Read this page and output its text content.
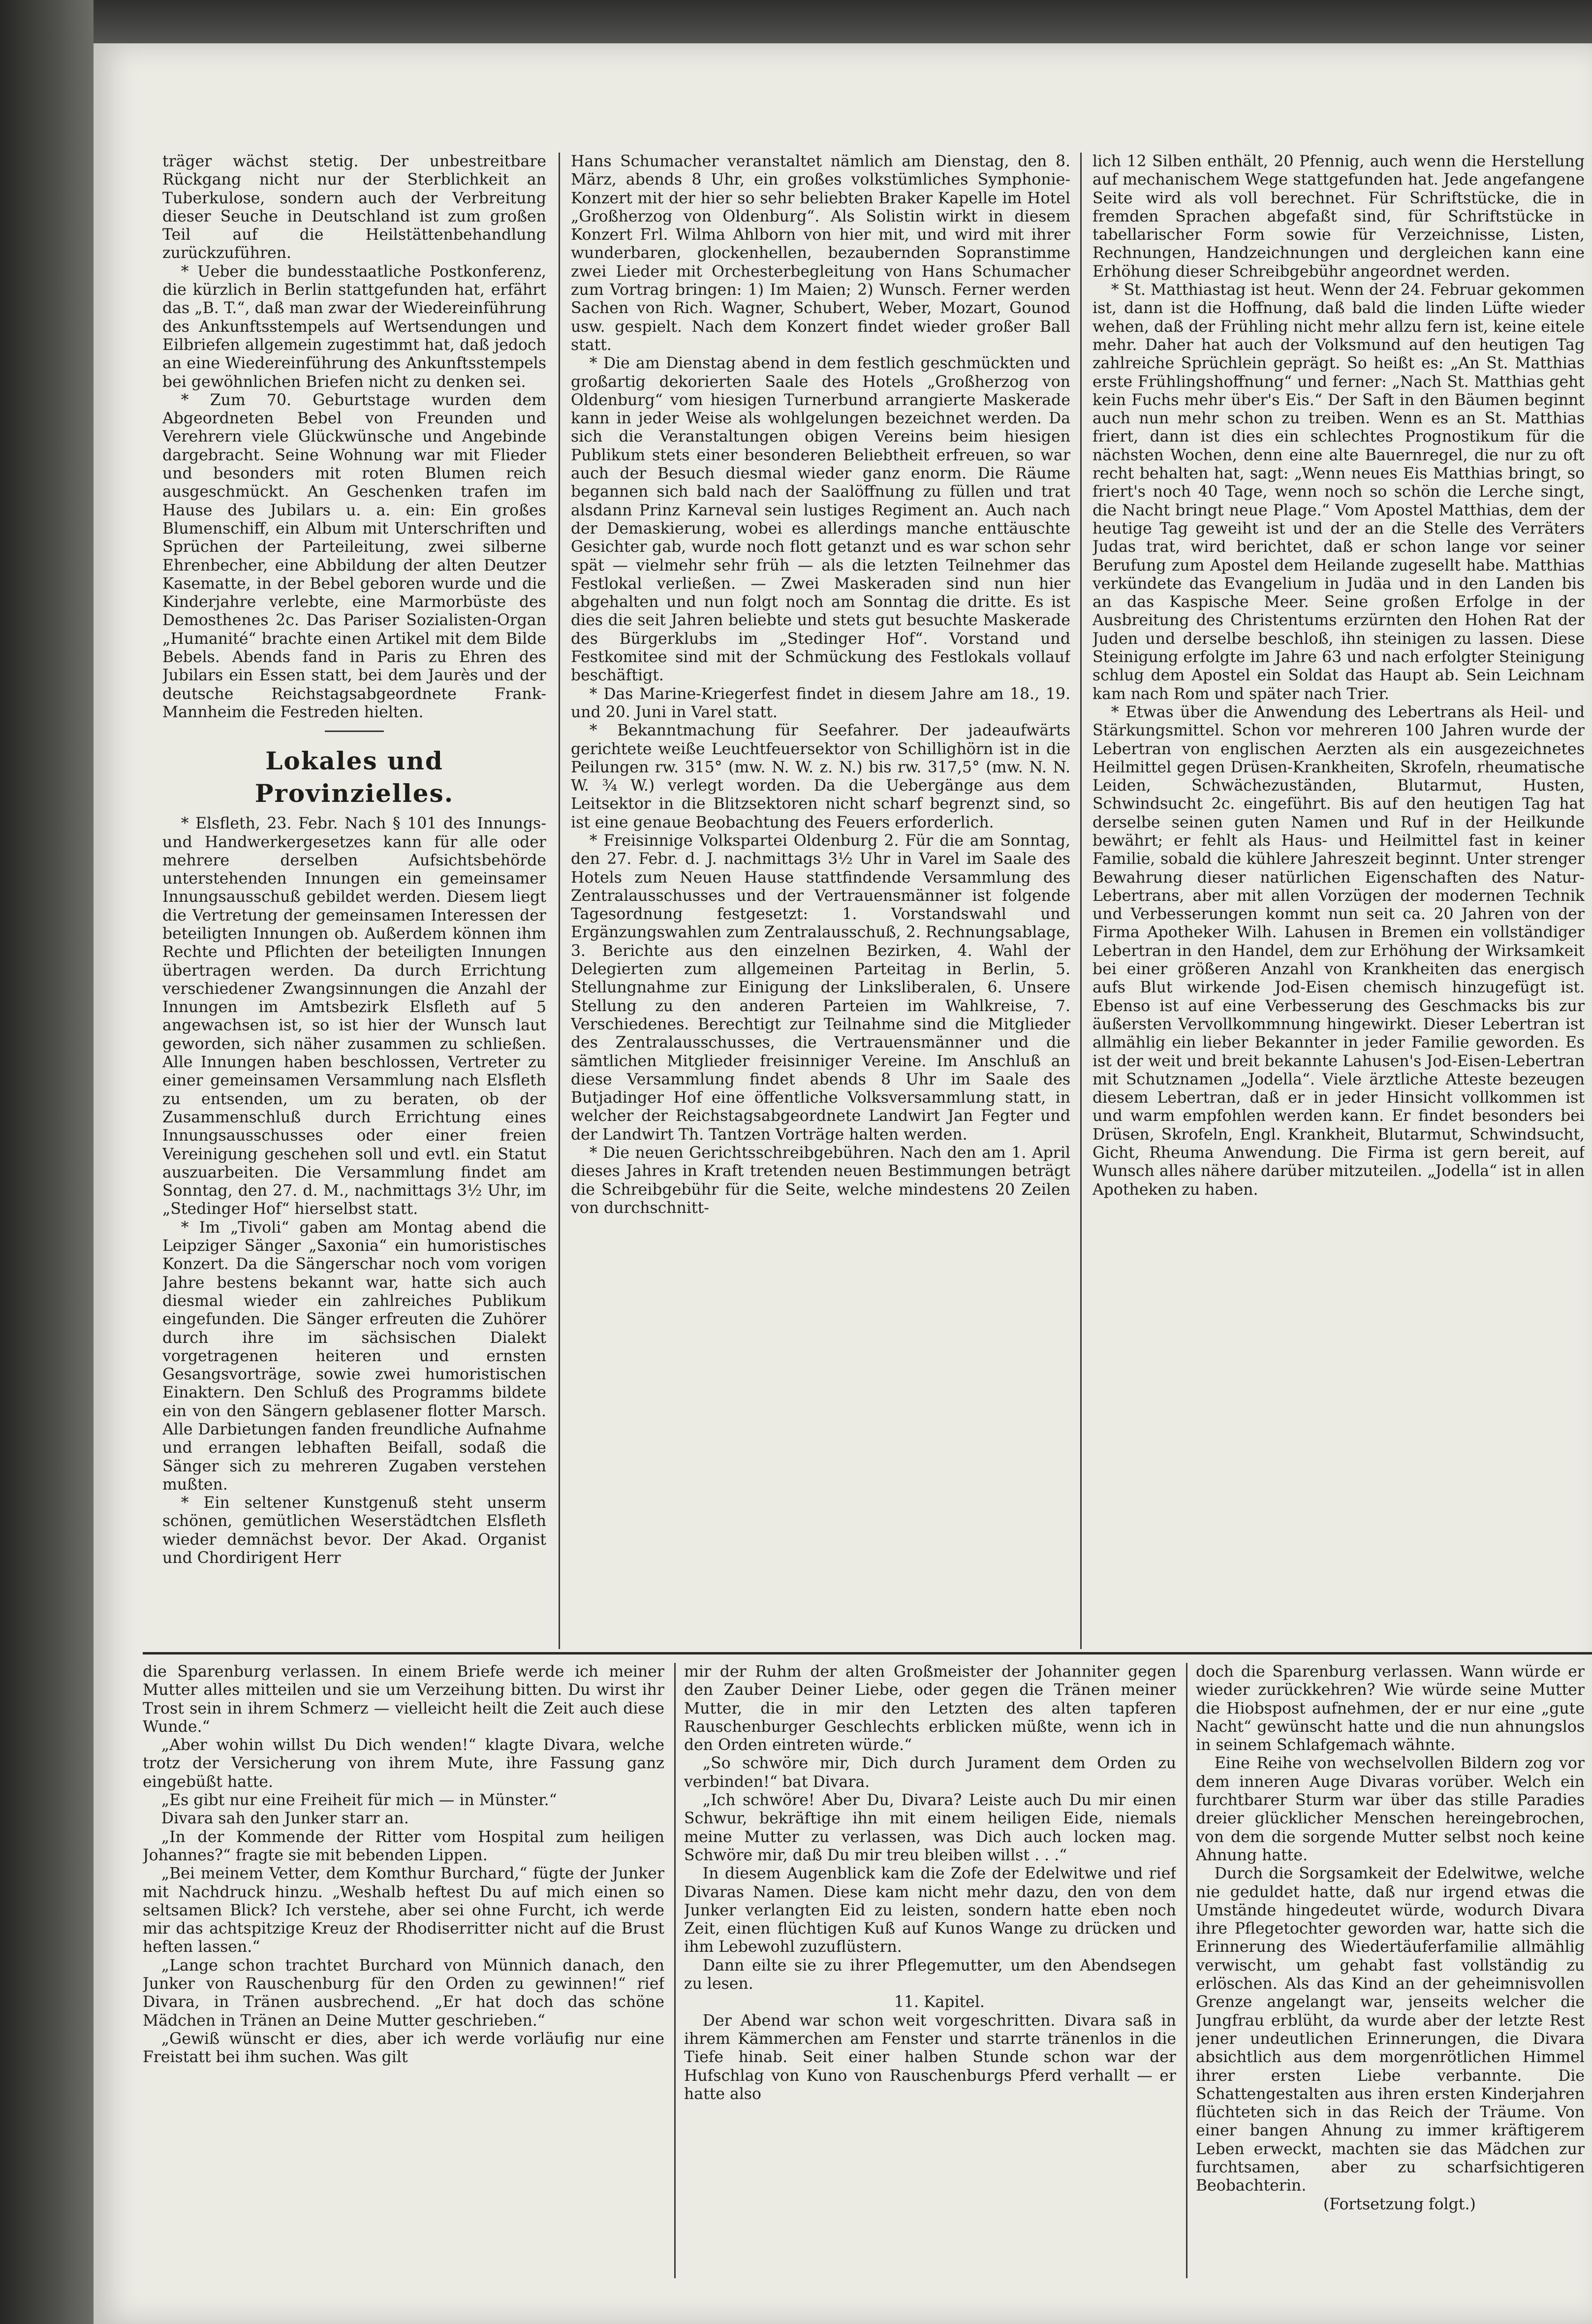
träger wächst stetig. Der unbestreitbare Rückgang nicht nur der Sterblichkeit an Tuberkulose, sondern auch der Verbreitung dieser Seuche in Deutschland ist zum großen Teil auf die Heilstättenbehandlung zurückzuführen.

* Ueber die bundesstaatliche Postkonferenz, die kürzlich in Berlin stattgefunden hat, erfährt das „B. T.“, daß man zwar der Wiedereinführung des Ankunftsstempels auf Wertsendungen und Eilbriefen allgemein zugestimmt hat, daß jedoch an eine Wiedereinführung des Ankunftsstempels bei gewöhnlichen Briefen nicht zu denken sei.

* Zum 70. Geburtstage wurden dem Abgeordneten Bebel von Freunden und Verehrern viele Glückwünsche und Angebinde dargebracht. Seine Wohnung war mit Flieder und besonders mit roten Blumen reich ausgeschmückt. An Geschenken trafen im Hause des Jubilars u. a. ein: Ein großes Blumenschiff, ein Album mit Unterschriften und Sprüchen der Parteileitung, zwei silberne Ehrenbecher, eine Abbildung der alten Deutzer Kasematte, in der Bebel geboren wurde und die Kinderjahre verlebte, eine Marmorbüste des Demosthenes 2c. Das Pariser Sozialisten-Organ „Humanité“ brachte einen Artikel mit dem Bilde Bebels. Abends fand in Paris zu Ehren des Jubilars ein Essen statt, bei dem Jaurès und der deutsche Reichstagsabgeordnete Frank-Mannheim die Festreden hielten.

Lokales und Provinzielles.

* Elsfleth, 23. Febr. Nach § 101 des Innungs- und Handwerkergesetzes kann für alle oder mehrere derselben Aufsichtsbehörde unterstehenden Innungen ein gemeinsamer Innungsausschuß gebildet werden. Diesem liegt die Vertretung der gemeinsamen Interessen der beteiligten Innungen ob. Außerdem können ihm Rechte und Pflichten der beteiligten Innungen übertragen werden. Da durch Errichtung verschiedener Zwangsinnungen die Anzahl der Innungen im Amtsbezirk Elsfleth auf 5 angewachsen ist, so ist hier der Wunsch laut geworden, sich näher zusammen zu schließen. Alle Innungen haben beschlossen, Vertreter zu einer gemeinsamen Versammlung nach Elsfleth zu entsenden, um zu beraten, ob der Zusammenschluß durch Errichtung eines Innungsausschusses oder einer freien Vereinigung geschehen soll und evtl. ein Statut auszuarbeiten. Die Versammlung findet am Sonntag, den 27. d. M., nachmittags 3½ Uhr, im „Stedinger Hof“ hierselbst statt.

* Im „Tivoli“ gaben am Montag abend die Leipziger Sänger „Saxonia“ ein humoristisches Konzert. Da die Sängerschar noch vom vorigen Jahre bestens bekannt war, hatte sich auch diesmal wieder ein zahlreiches Publikum eingefunden. Die Sänger erfreuten die Zuhörer durch ihre im sächsischen Dialekt vorgetragenen heiteren und ernsten Gesangsvorträge, sowie zwei humoristischen Einaktern. Den Schluß des Programms bildete ein von den Sängern geblasener flotter Marsch. Alle Darbietungen fanden freundliche Aufnahme und errangen lebhaften Beifall, sodaß die Sänger sich zu mehreren Zugaben verstehen mußten.

* Ein seltener Kunstgenuß steht unserm schönen, gemütlichen Weserstädtchen Elsfleth wieder demnächst bevor. Der Akad. Organist und Chordirigent Herr

Hans Schumacher veranstaltet nämlich am Dienstag, den 8. März, abends 8 Uhr, ein großes volkstümliches Symphonie-Konzert mit der hier so sehr beliebten Braker Kapelle im Hotel „Großherzog von Oldenburg“. Als Solistin wirkt in diesem Konzert Frl. Wilma Ahlborn von hier mit, und wird mit ihrer wunderbaren, glockenhellen, bezaubernden Sopranstimme zwei Lieder mit Orchesterbegleitung von Hans Schumacher zum Vortrag bringen: 1) Im Maien; 2) Wunsch. Ferner werden Sachen von Rich. Wagner, Schubert, Weber, Mozart, Gounod usw. gespielt. Nach dem Konzert findet wieder großer Ball statt.

* Die am Dienstag abend in dem festlich geschmückten und großartig dekorierten Saale des Hotels „Großherzog von Oldenburg“ vom hiesigen Turnerbund arrangierte Maskerade kann in jeder Weise als wohlgelungen bezeichnet werden. Da sich die Veranstaltungen obigen Vereins beim hiesigen Publikum stets einer besonderen Beliebtheit erfreuen, so war auch der Besuch diesmal wieder ganz enorm. Die Räume begannen sich bald nach der Saalöffnung zu füllen und trat alsdann Prinz Karneval sein lustiges Regiment an. Auch nach der Demaskierung, wobei es allerdings manche enttäuschte Gesichter gab, wurde noch flott getanzt und es war schon sehr spät — vielmehr sehr früh — als die letzten Teilnehmer das Festlokal verließen. — Zwei Maskeraden sind nun hier abgehalten und nun folgt noch am Sonntag die dritte. Es ist dies die seit Jahren beliebte und stets gut besuchte Maskerade des Bürgerklubs im „Stedinger Hof“. Vorstand und Festkomitee sind mit der Schmückung des Festlokals vollauf beschäftigt.

* Das Marine-Kriegerfest findet in diesem Jahre am 18., 19. und 20. Juni in Varel statt.

* Bekanntmachung für Seefahrer. Der jadeaufwärts gerichtete weiße Leuchtfeuersektor von Schillighörn ist in die Peilungen rw. 315° (mw. N. W. z. N.) bis rw. 317,5° (mw. N. N. W. ¾ W.) verlegt worden. Da die Uebergänge aus dem Leitsektor in die Blitzsektoren nicht scharf begrenzt sind, so ist eine genaue Beobachtung des Feuers erforderlich.

* Freisinnige Volkspartei Oldenburg 2. Für die am Sonntag, den 27. Febr. d. J. nachmittags 3½ Uhr in Varel im Saale des Hotels zum Neuen Hause stattfindende Versammlung des Zentralausschusses und der Vertrauensmänner ist folgende Tagesordnung festgesetzt: 1. Vorstandswahl und Ergänzungswahlen zum Zentralausschuß, 2. Rechnungsablage, 3. Berichte aus den einzelnen Bezirken, 4. Wahl der Delegierten zum allgemeinen Parteitag in Berlin, 5. Stellungnahme zur Einigung der Linksliberalen, 6. Unsere Stellung zu den anderen Parteien im Wahlkreise, 7. Verschiedenes. Berechtigt zur Teilnahme sind die Mitglieder des Zentralausschusses, die Vertrauensmänner und die sämtlichen Mitglieder freisinniger Vereine. Im Anschluß an diese Versammlung findet abends 8 Uhr im Saale des Butjadinger Hof eine öffentliche Volksversammlung statt, in welcher der Reichstagsabgeordnete Landwirt Jan Fegter und der Landwirt Th. Tantzen Vorträge halten werden.

* Die neuen Gerichtsschreibgebühren. Nach den am 1. April dieses Jahres in Kraft tretenden neuen Bestimmungen beträgt die Schreibgebühr für die Seite, welche mindestens 20 Zeilen von durchschnitt-

lich 12 Silben enthält, 20 Pfennig, auch wenn die Herstellung auf mechanischem Wege stattgefunden hat. Jede angefangene Seite wird als voll berechnet. Für Schriftstücke, die in fremden Sprachen abgefaßt sind, für Schriftstücke in tabellarischer Form sowie für Verzeichnisse, Listen, Rechnungen, Handzeichnungen und dergleichen kann eine Erhöhung dieser Schreibgebühr angeordnet werden.

* St. Matthiastag ist heut. Wenn der 24. Februar gekommen ist, dann ist die Hoffnung, daß bald die linden Lüfte wieder wehen, daß der Frühling nicht mehr allzu fern ist, keine eitele mehr. Daher hat auch der Volksmund auf den heutigen Tag zahlreiche Sprüchlein geprägt. So heißt es: „An St. Matthias erste Frühlingshoffnung“ und ferner: „Nach St. Matthias geht kein Fuchs mehr über's Eis.“ Der Saft in den Bäumen beginnt auch nun mehr schon zu treiben. Wenn es an St. Matthias friert, dann ist dies ein schlechtes Prognostikum für die nächsten Wochen, denn eine alte Bauernregel, die nur zu oft recht behalten hat, sagt: „Wenn neues Eis Matthias bringt, so friert's noch 40 Tage, wenn noch so schön die Lerche singt, die Nacht bringt neue Plage.“ Vom Apostel Matthias, dem der heutige Tag geweiht ist und der an die Stelle des Verräters Judas trat, wird berichtet, daß er schon lange vor seiner Berufung zum Apostel dem Heilande zugesellt habe. Matthias verkündete das Evangelium in Judäa und in den Landen bis an das Kaspische Meer. Seine großen Erfolge in der Ausbreitung des Christentums erzürnten den Hohen Rat der Juden und derselbe beschloß, ihn steinigen zu lassen. Diese Steinigung erfolgte im Jahre 63 und nach erfolgter Steinigung schlug dem Apostel ein Soldat das Haupt ab. Sein Leichnam kam nach Rom und später nach Trier.

* Etwas über die Anwendung des Lebertrans als Heil- und Stärkungsmittel. Schon vor mehreren 100 Jahren wurde der Lebertran von englischen Aerzten als ein ausgezeichnetes Heilmittel gegen Drüsen-Krankheiten, Skrofeln, rheumatische Leiden, Schwächezuständen, Blutarmut, Husten, Schwindsucht 2c. eingeführt. Bis auf den heutigen Tag hat derselbe seinen guten Namen und Ruf in der Heilkunde bewährt; er fehlt als Haus- und Heilmittel fast in keiner Familie, sobald die kühlere Jahreszeit beginnt. Unter strenger Bewahrung dieser natürlichen Eigenschaften des Natur-Lebertrans, aber mit allen Vorzügen der modernen Technik und Verbesserungen kommt nun seit ca. 20 Jahren von der Firma Apotheker Wilh. Lahusen in Bremen ein vollständiger Lebertran in den Handel, dem zur Erhöhung der Wirksamkeit bei einer größeren Anzahl von Krankheiten das energisch aufs Blut wirkende Jod-Eisen chemisch hinzugefügt ist. Ebenso ist auf eine Verbesserung des Geschmacks bis zur äußersten Vervollkommnung hingewirkt. Dieser Lebertran ist allmählig ein lieber Bekannter in jeder Familie geworden. Es ist der weit und breit bekannte Lahusen's Jod-Eisen-Lebertran mit Schutznamen „Jodella“. Viele ärztliche Atteste bezeugen diesem Lebertran, daß er in jeder Hinsicht vollkommen ist und warm empfohlen werden kann. Er findet besonders bei Drüsen, Skrofeln, Engl. Krankheit, Blutarmut, Schwindsucht, Gicht, Rheuma Anwendung. Die Firma ist gern bereit, auf Wunsch alles nähere darüber mitzuteilen. „Jodella“ ist in allen Apotheken zu haben.

die Sparenburg verlassen. In einem Briefe werde ich meiner Mutter alles mitteilen und sie um Verzeihung bitten. Du wirst ihr Trost sein in ihrem Schmerz — vielleicht heilt die Zeit auch diese Wunde.“

„Aber wohin willst Du Dich wenden!“ klagte Divara, welche trotz der Versicherung von ihrem Mute, ihre Fassung ganz eingebüßt hatte.

„Es gibt nur eine Freiheit für mich — in Münster.“

Divara sah den Junker starr an.

„In der Kommende der Ritter vom Hospital zum heiligen Johannes?“ fragte sie mit bebenden Lippen.

„Bei meinem Vetter, dem Komthur Burchard,“ fügte der Junker mit Nachdruck hinzu. „Weshalb heftest Du auf mich einen so seltsamen Blick? Ich verstehe, aber sei ohne Furcht, ich werde mir das achtspitzige Kreuz der Rhodiserritter nicht auf die Brust heften lassen.“

„Lange schon trachtet Burchard von Münnich danach, den Junker von Rauschenburg für den Orden zu gewinnen!“ rief Divara, in Tränen ausbrechend. „Er hat doch das schöne Mädchen in Tränen an Deine Mutter geschrieben.“

„Gewiß wünscht er dies, aber ich werde vorläufig nur eine Freistatt bei ihm suchen. Was gilt

mir der Ruhm der alten Großmeister der Johanniter gegen den Zauber Deiner Liebe, oder gegen die Tränen meiner Mutter, die in mir den Letzten des alten tapferen Rauschenburger Geschlechts erblicken müßte, wenn ich in den Orden eintreten würde.“

„So schwöre mir, Dich durch Jurament dem Orden zu verbinden!“ bat Divara.

„Ich schwöre! Aber Du, Divara? Leiste auch Du mir einen Schwur, bekräftige ihn mit einem heiligen Eide, niemals meine Mutter zu verlassen, was Dich auch locken mag. Schwöre mir, daß Du mir treu bleiben willst . . .“

In diesem Augenblick kam die Zofe der Edelwitwe und rief Divaras Namen. Diese kam nicht mehr dazu, den von dem Junker verlangten Eid zu leisten, sondern hatte eben noch Zeit, einen flüchtigen Kuß auf Kunos Wange zu drücken und ihm Lebewohl zuzuflüstern.

Dann eilte sie zu ihrer Pflegemutter, um den Abendsegen zu lesen.

11. Kapitel.

Der Abend war schon weit vorgeschritten. Divara saß in ihrem Kämmerchen am Fenster und starrte tränenlos in die Tiefe hinab. Seit einer halben Stunde schon war der Hufschlag von Kuno von Rauschenburgs Pferd verhallt — er hatte also

doch die Sparenburg verlassen. Wann würde er wieder zurückkehren? Wie würde seine Mutter die Hiobspost aufnehmen, der er nur eine „gute Nacht“ gewünscht hatte und die nun ahnungslos in seinem Schlafgemach wähnte.

Eine Reihe von wechselvollen Bildern zog vor dem inneren Auge Divaras vorüber. Welch ein furchtbarer Sturm war über das stille Paradies dreier glücklicher Menschen hereingebrochen, von dem die sorgende Mutter selbst noch keine Ahnung hatte.

Durch die Sorgsamkeit der Edelwitwe, welche nie geduldet hatte, daß nur irgend etwas die Umstände hingedeutet würde, wodurch Divara ihre Pflegetochter geworden war, hatte sich die Erinnerung des Wiedertäuferfamilie allmählig verwischt, um gehabt fast vollständig zu erlöschen. Als das Kind an der geheimnisvollen Grenze angelangt war, jenseits welcher die Jungfrau erblüht, da wurde aber der letzte Rest jener undeutlichen Erinnerungen, die Divara absichtlich aus dem morgenrötlichen Himmel ihrer ersten Liebe verbannte. Die Schattengestalten aus ihren ersten Kinderjahren flüchteten sich in das Reich der Träume. Von einer bangen Ahnung zu immer kräftigerem Leben erweckt, machten sie das Mädchen zur furchtsamen, aber zu scharfsichtigeren Beobachterin.

(Fortsetzung folgt.)
